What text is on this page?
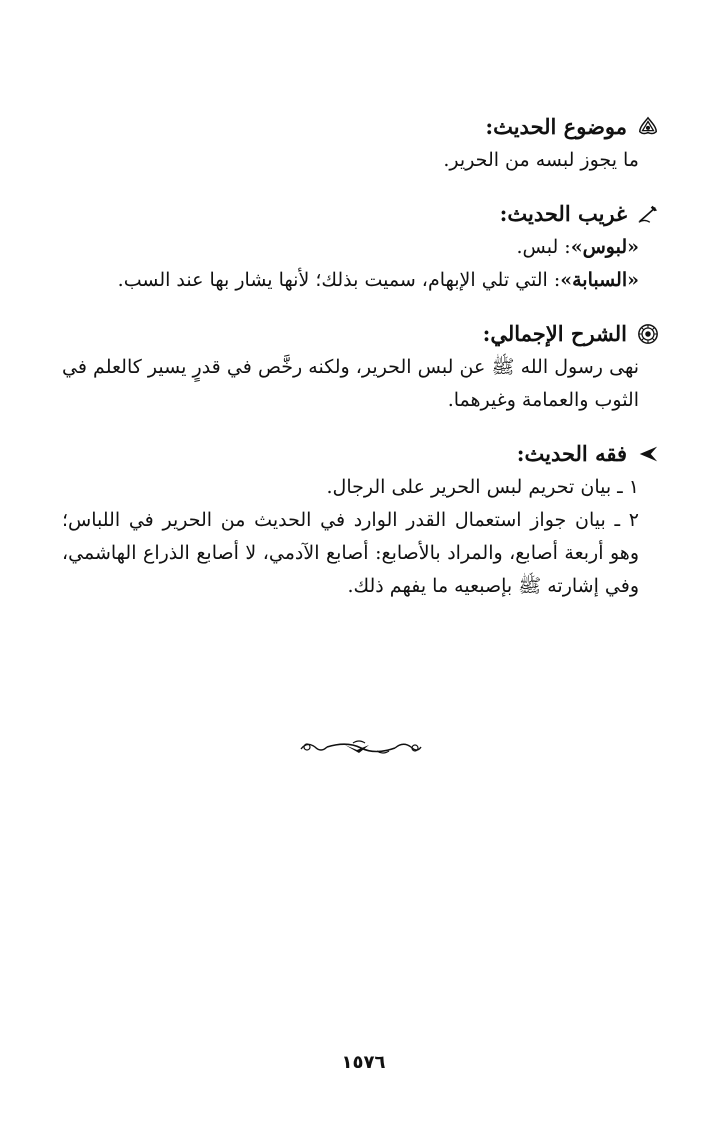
موضوع الحديث:

ما يجوز لبسه من الحرير.

غريب الحديث:

«لبوس»: لبس.

«السبابة»: التي تلي الإبهام، سميت بذلك؛ لأنها يشار بها عند السب.

الشرح الإجمالي:

نهى رسول الله ﷺ عن لبس الحرير، ولكنه رخَّص في قدرٍ يسير كالعلم في الثوب والعمامة وغيرهما.

فقه الحديث:

١ ـ بيان تحريم لبس الحرير على الرجال.

٢ ـ بيان جواز استعمال القدر الوارد في الحديث من الحرير في اللباس؛ وهو أربعة أصابع، والمراد بالأصابع: أصابع الآدمي، لا أصابع الذراع الهاشمي، وفي إشارته ﷺ بإصبعيه ما يفهم ذلك.

١٥٧٦
